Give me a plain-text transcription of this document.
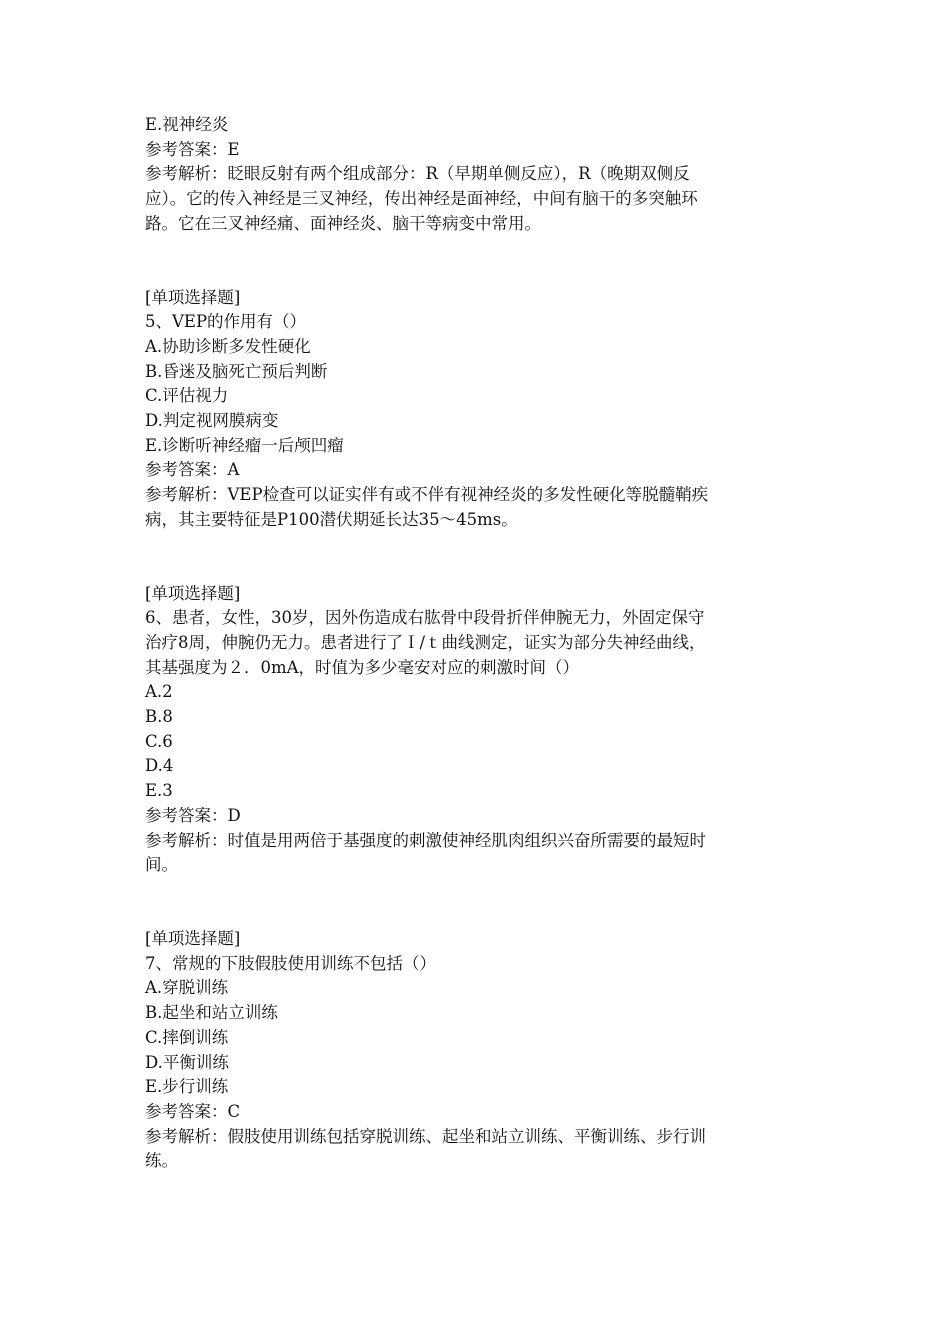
E.视神经炎
参考答案：E
参考解析：眨眼反射有两个组成部分：R（早期单侧反应），R（晚期双侧反
应）。它的传入神经是三叉神经，传出神经是面神经，中间有脑干的多突触环
路。它在三叉神经痛、面神经炎、脑干等病变中常用。
[单项选择题]
5、VEP的作用有（）
A.协助诊断多发性硬化
B.昏迷及脑死亡预后判断
C.评估视力
D.判定视网膜病变
E.诊断听神经瘤一后颅凹瘤
参考答案：A
参考解析：VEP检查可以证实伴有或不伴有视神经炎的多发性硬化等脱髓鞘疾
病，其主要特征是P100潜伏期延长达35～45ms。
[单项选择题]
6、患者，女性，30岁，因外伤造成右肱骨中段骨折伴伸腕无力，外固定保守
治疗8周，伸腕仍无力。患者进行了Ｉ/ｔ曲线测定，证实为部分失神经曲线，
其基强度为２．0mA，时值为多少毫安对应的刺激时间（）
A.2
B.8
C.6
D.4
E.3
参考答案：D
参考解析：时值是用两倍于基强度的刺激使神经肌肉组织兴奋所需要的最短时
间。
[单项选择题]
7、常规的下肢假肢使用训练不包括（）
A.穿脱训练
B.起坐和站立训练
C.摔倒训练
D.平衡训练
E.步行训练
参考答案：C
参考解析：假肢使用训练包括穿脱训练、起坐和站立训练、平衡训练、步行训
练。
